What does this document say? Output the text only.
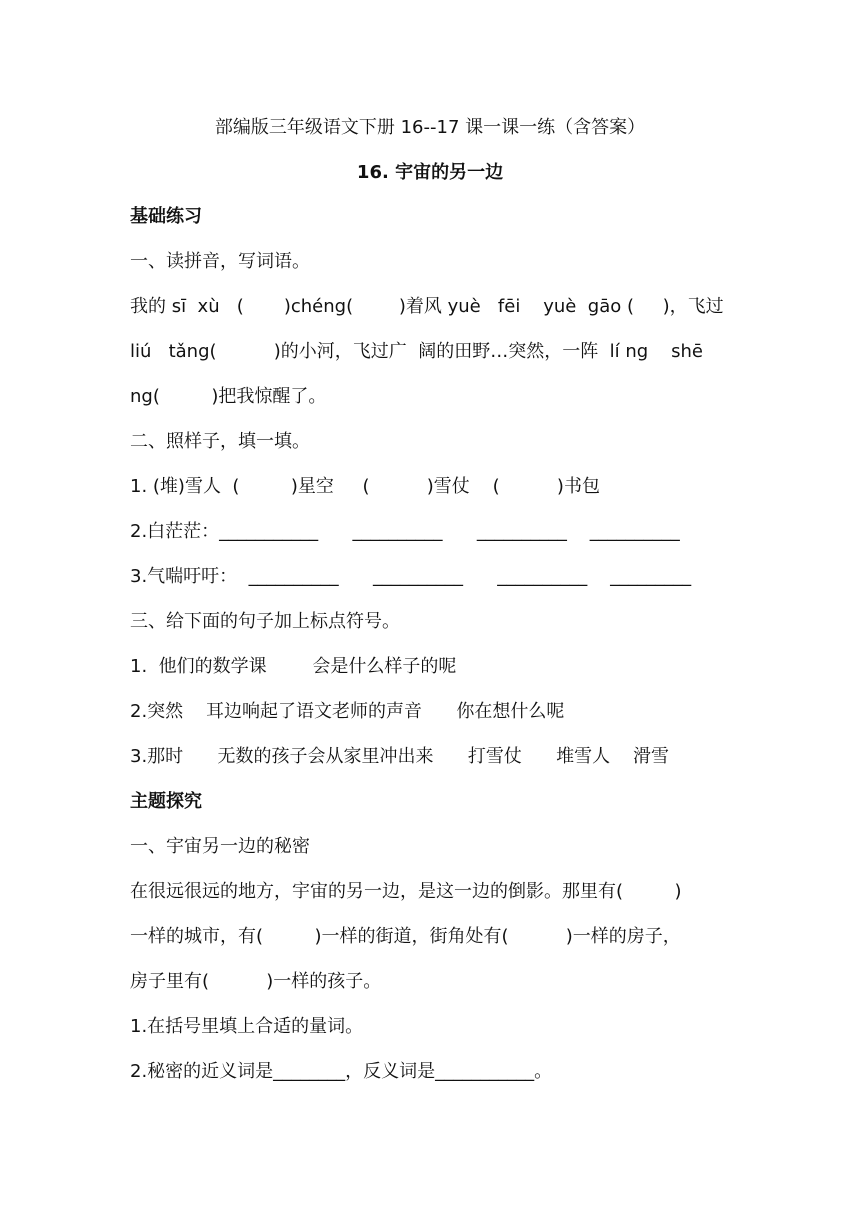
部编版三年级语文下册 16--17 课一课一练（含答案）
16. 宇宙的另一边
基础练习
一、读拼音，写词语。
我的 sī  xù   (       )chéng(        )着风 yuè   fēi    yuè  gāo (     )，飞过
liú   tǎng(          )的小河，飞过广  阔的田野…突然，一阵  lí ng    shē
ng(         )把我惊醒了。
二、照样子，填一填。
1. (堆)雪人  (         )星空     (          )雪仗    (          )书包
2.白茫茫：___________      __________      __________    __________
3.气喘吁吁：  __________      __________      __________    _________
三、给下面的句子加上标点符号。
1.  他们的数学课        会是什么样子的呢
2.突然    耳边响起了语文老师的声音      你在想什么呢
3.那时      无数的孩子会从家里冲出来      打雪仗      堆雪人    滑雪
主题探究
一、宇宙另一边的秘密
在很远很远的地方，宇宙的另一边，是这一边的倒影。那里有(         )
一样的城市，有(         )一样的街道，街角处有(          )一样的房子，
房子里有(          )一样的孩子。
1.在括号里填上合适的量词。
2.秘密的近义词是________，反义词是___________。
